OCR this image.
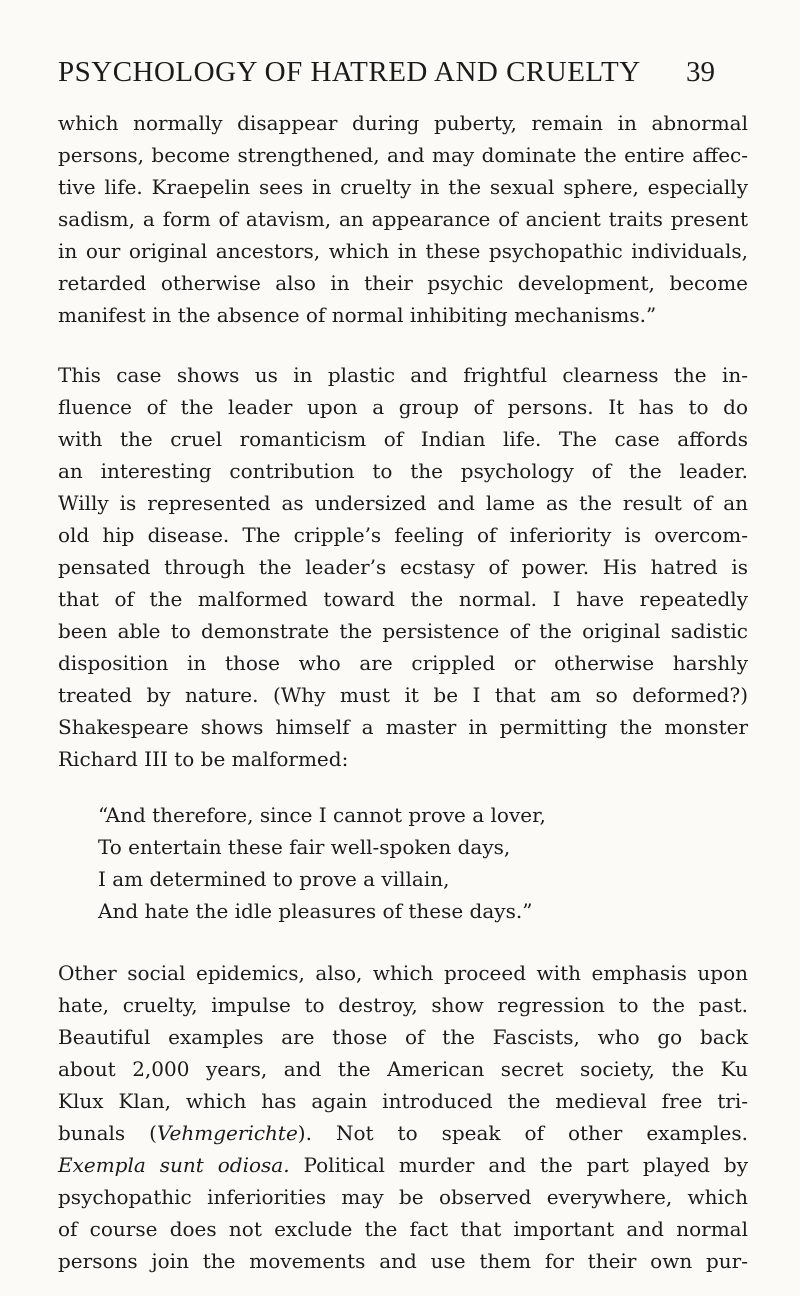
PSYCHOLOGY OF HATRED AND CRUELTY 39
which normally disappear during puberty, remain in abnormal
persons, become strengthened, and may dominate the entire affec-
tive life. Kraepelin sees in cruelty in the sexual sphere, especially
sadism, a form of atavism, an appearance of ancient traits present
in our original ancestors, which in these psychopathic individuals,
retarded otherwise also in their psychic development, become
manifest in the absence of normal inhibiting mechanisms.”
This case shows us in plastic and frightful clearness the in-
fluence of the leader upon a group of persons. It has to do
with the cruel romanticism of Indian life. The case affords
an interesting contribution to the psychology of the leader.
Willy is represented as undersized and lame as the result of an
old hip disease. The cripple’s feeling of inferiority is overcom-
pensated through the leader’s ecstasy of power. His hatred is
that of the malformed toward the normal. I have repeatedly
been able to demonstrate the persistence of the original sadistic
disposition in those who are crippled or otherwise harshly
treated by nature. (Why must it be I that am so deformed?)
Shakespeare shows himself a master in permitting the monster
Richard III to be malformed:
“And therefore, since I cannot prove a lover,
To entertain these fair well-spoken days,
I am determined to prove a villain,
And hate the idle pleasures of these days.”
Other social epidemics, also, which proceed with emphasis upon
hate, cruelty, impulse to destroy, show regression to the past.
Beautiful examples are those of the Fascists, who go back
about 2,000 years, and the American secret society, the Ku
Klux Klan, which has again introduced the medieval free tri-
bunals (Vehmgerichte). Not to speak of other examples.
Exempla sunt odiosa. Political murder and the part played by
psychopathic inferiorities may be observed everywhere, which
of course does not exclude the fact that important and normal
persons join the movements and use them for their own pur-
